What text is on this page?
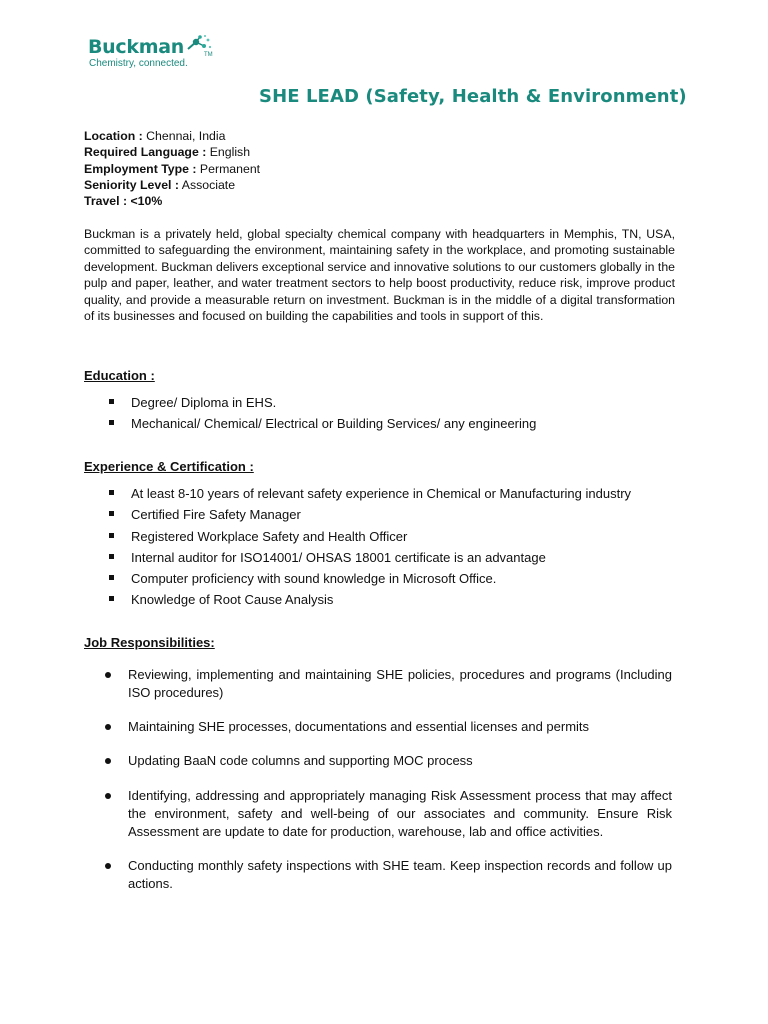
Buckman	TM
Chemistry, connected.
SHE LEAD (Safety, Health & Environment)
Location : Chennai, India
Required Language : English
Employment Type : Permanent
Seniority Level : Associate
Travel : <10%
Buckman is a privately held, global specialty chemical company with headquarters in Memphis, TN, USA, committed to safeguarding the environment, maintaining safety in the workplace, and promoting sustainable development. Buckman delivers exceptional service and innovative solutions to our customers globally in the pulp and paper, leather, and water treatment sectors to help boost productivity, reduce risk, improve product quality, and provide a measurable return on investment. Buckman is in the middle of a digital transformation of its businesses and focused on building the capabilities and tools in support of this.
Education :
Degree/ Diploma in EHS.
Mechanical/ Chemical/ Electrical or Building Services/ any engineering
Experience & Certification :
At least 8-10 years of relevant safety experience in Chemical or Manufacturing industry
Certified Fire Safety Manager
Registered Workplace Safety and Health Officer
Internal auditor for ISO14001/ OHSAS 18001 certificate is an advantage
Computer proficiency with sound knowledge in Microsoft Office.
Knowledge of Root Cause Analysis
Job Responsibilities:
Reviewing, implementing and maintaining SHE policies, procedures and programs (Including ISO procedures)
Maintaining SHE processes, documentations and essential licenses and permits
Updating BaaN code columns and supporting MOC process
Identifying, addressing and appropriately managing Risk Assessment process that may affect the environment, safety and well-being of our associates and community. Ensure Risk Assessment are update to date for production, warehouse, lab and office activities.
Conducting monthly safety inspections with SHE team. Keep inspection records and follow up actions.
